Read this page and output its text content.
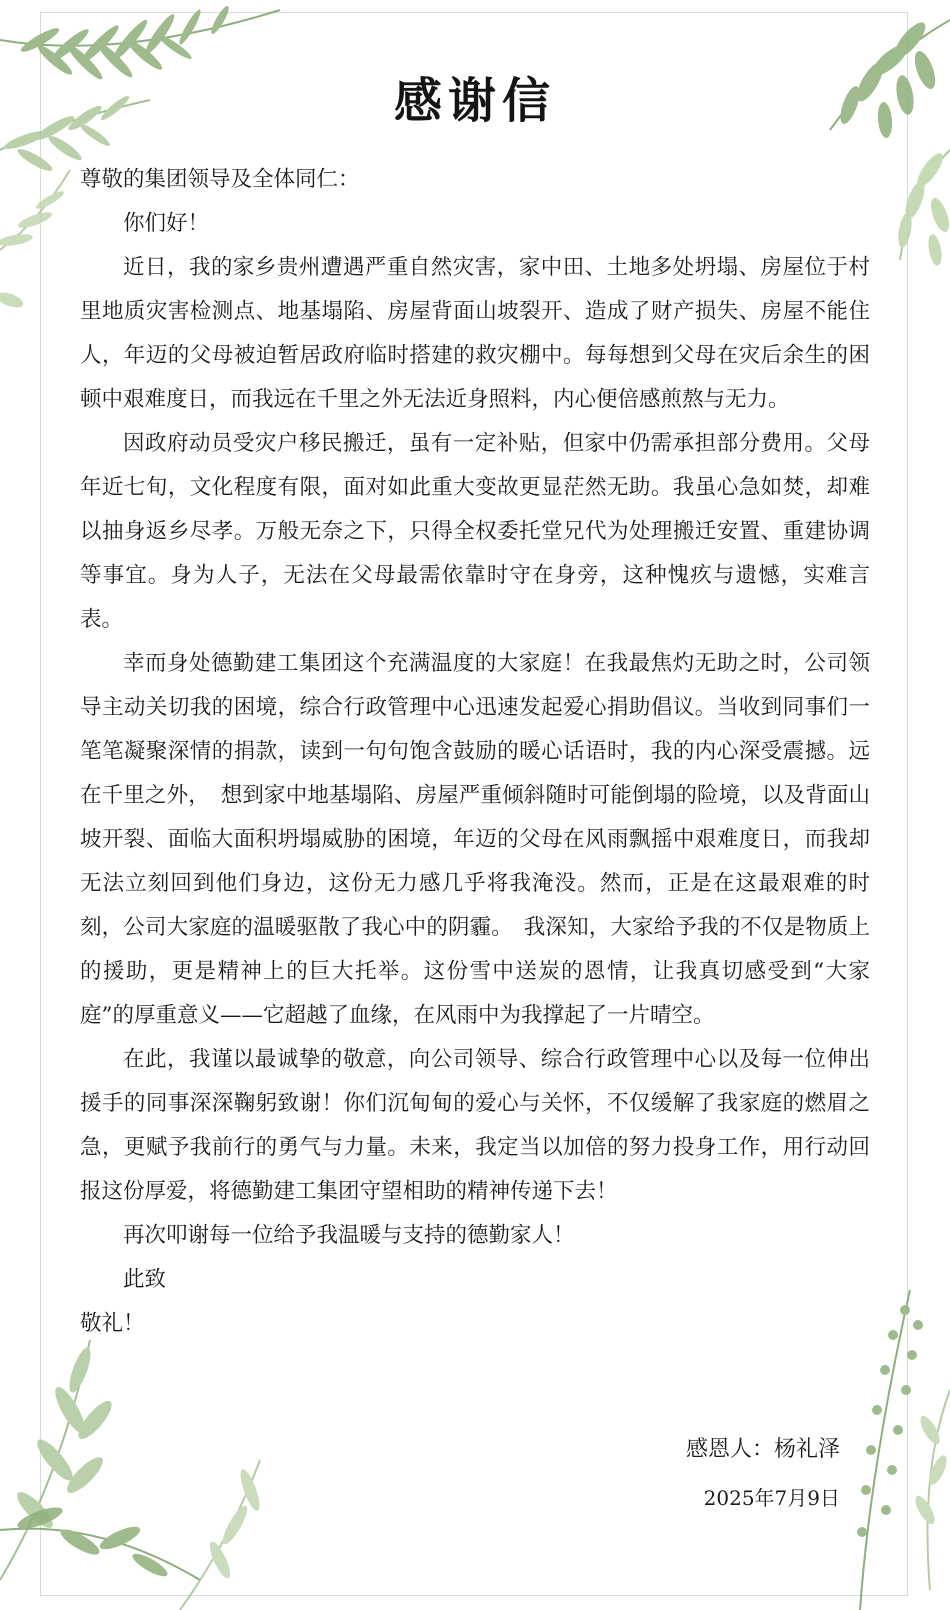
感谢信

尊敬的集团领导及全体同仁：

你们好！

近日，我的家乡贵州遭遇严重自然灾害，家中田、土地多处坍塌、房屋位于村里地质灾害检测点、地基塌陷、房屋背面山坡裂开、造成了财产损失、房屋不能住人，年迈的父母被迫暂居政府临时搭建的救灾棚中。每每想到父母在灾后余生的困顿中艰难度日，而我远在千里之外无法近身照料，内心便倍感煎熬与无力。

因政府动员受灾户移民搬迁，虽有一定补贴，但家中仍需承担部分费用。父母年近七旬，文化程度有限，面对如此重大变故更显茫然无助。我虽心急如焚，却难以抽身返乡尽孝。万般无奈之下，只得全权委托堂兄代为处理搬迁安置、重建协调等事宜。身为人子，无法在父母最需依靠时守在身旁，这种愧疚与遗憾，实难言表。

幸而身处德勤建工集团这个充满温度的大家庭！在我最焦灼无助之时，公司领导主动关切我的困境，综合行政管理中心迅速发起爱心捐助倡议。当收到同事们一笔笔凝聚深情的捐款，读到一句句饱含鼓励的暖心话语时，我的内心深受震撼。远在千里之外，　想到家中地基塌陷、房屋严重倾斜随时可能倒塌的险境，以及背面山坡开裂、面临大面积坍塌威胁的困境，年迈的父母在风雨飘摇中艰难度日，而我却无法立刻回到他们身边，这份无力感几乎将我淹没。然而，正是在这最艰难的时刻，公司大家庭的温暖驱散了我心中的阴霾。　我深知，大家给予我的不仅是物质上的援助，更是精神上的巨大托举。这份雪中送炭的恩情，让我真切感受到“大家庭”的厚重意义——它超越了血缘，在风雨中为我撑起了一片晴空。

在此，我谨以最诚挚的敬意，向公司领导、综合行政管理中心以及每一位伸出援手的同事深深鞠躬致谢！你们沉甸甸的爱心与关怀，不仅缓解了我家庭的燃眉之急，更赋予我前行的勇气与力量。未来，我定当以加倍的努力投身工作，用行动回报这份厚爱，将德勤建工集团守望相助的精神传递下去！

再次叩谢每一位给予我温暖与支持的德勤家人！

此致

敬礼！

感恩人：杨礼泽
2025年7月9日
